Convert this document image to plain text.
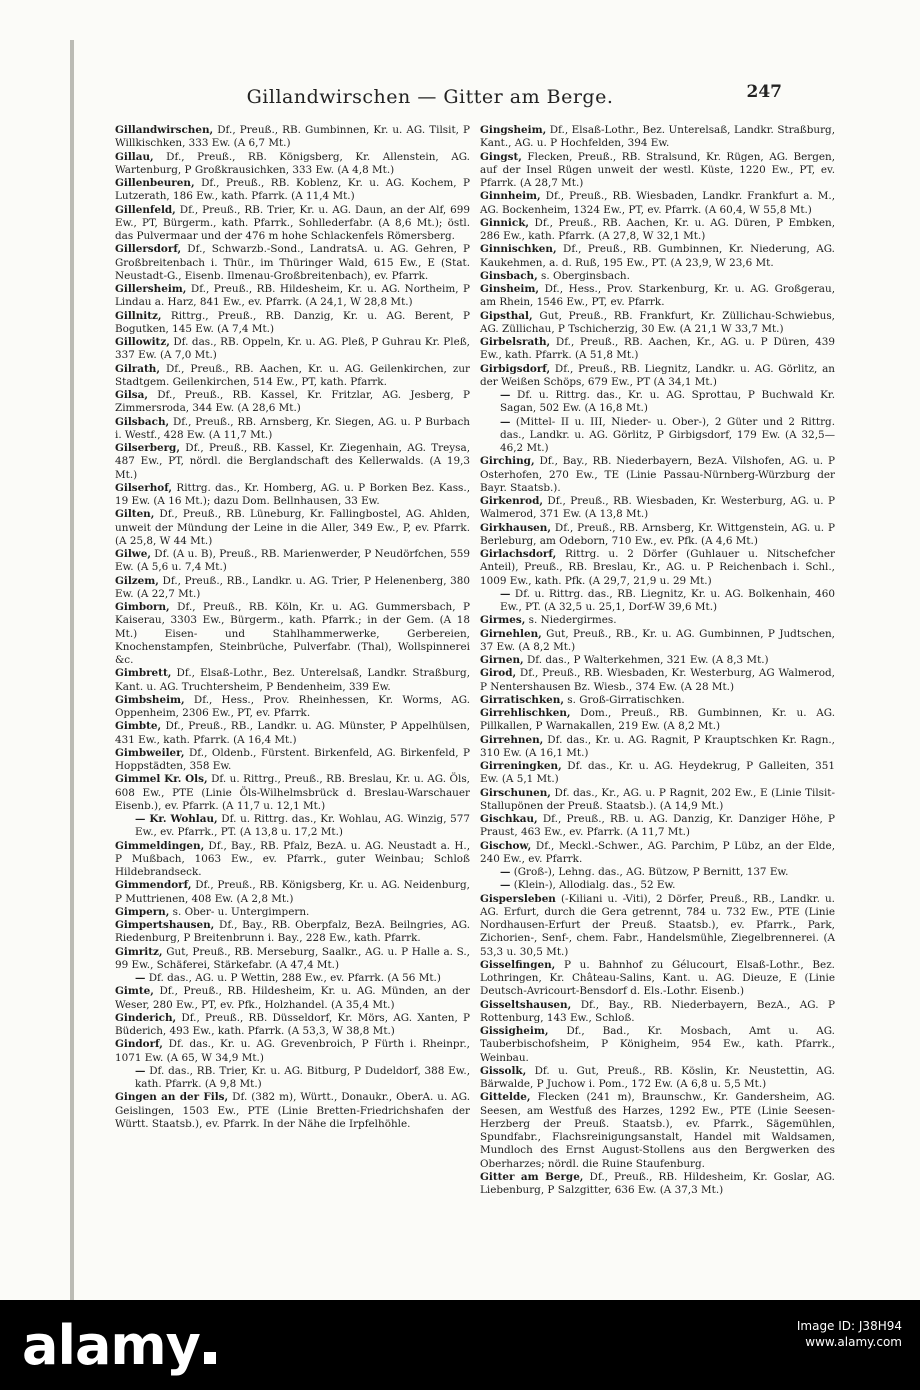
Gillandwirschen — Gitter am Berge.	247

Gillandwirschen, Df., Preuß., RB. Gumbinnen, Kr. u. AG. Tilsit, P Willkischken, 333 Ew. (A 6,7 Mt.)

Gillau, Df., Preuß., RB. Königsberg, Kr. Allenstein, AG. Wartenburg, P Großkrausichken, 333 Ew. (A 4,8 Mt.)

Gillenbeuren, Df., Preuß., RB. Koblenz, Kr. u. AG. Kochem, P Lutzerath, 186 Ew., kath. Pfarrk. (A 11,4 Mt.)

Gillenfeld, Df., Preuß., RB. Trier, Kr. u. AG. Daun, an der Alf, 699 Ew., PT, Bürgerm., kath. Pfarrk., Sohllederfabr. (A 8,6 Mt.); östl. das Pulvermaar und der 476 m hohe Schlackenfels Römersberg.

Gillersdorf, Df., Schwarzb.-Sond., LandratsA. u. AG. Gehren, P Großbreitenbach i. Thür., im Thüringer Wald, 615 Ew., E (Stat. Neustadt-G., Eisenb. Ilmenau-Großbreitenbach), ev. Pfarrk.

Gillersheim, Df., Preuß., RB. Hildesheim, Kr. u. AG. Northeim, P Lindau a. Harz, 841 Ew., ev. Pfarrk. (A 24,1, W 28,8 Mt.)

Gillnitz, Rittrg., Preuß., RB. Danzig, Kr. u. AG. Berent, P Bogutken, 145 Ew. (A 7,4 Mt.)

Gillowitz, Df. das., RB. Oppeln, Kr. u. AG. Pleß, P Guhrau Kr. Pleß, 337 Ew. (A 7,0 Mt.)

Gilrath, Df., Preuß., RB. Aachen, Kr. u. AG. Geilenkirchen, zur Stadtgem. Geilenkirchen, 514 Ew., PT, kath. Pfarrk.

Gilsa, Df., Preuß., RB. Kassel, Kr. Fritzlar, AG. Jesberg, P Zimmersroda, 344 Ew. (A 28,6 Mt.)

Gilsbach, Df., Preuß., RB. Arnsberg, Kr. Siegen, AG. u. P Burbach i. Westf., 428 Ew. (A 11,7 Mt.)

Gilserberg, Df., Preuß., RB. Kassel, Kr. Ziegenhain, AG. Treysa, 487 Ew., PT, nördl. die Berglandschaft des Kellerwalds. (A 19,3 Mt.)

Gilserhof, Rittrg. das., Kr. Homberg, AG. u. P Borken Bez. Kass., 19 Ew. (A 16 Mt.); dazu Dom. Bellnhausen, 33 Ew.

Gilten, Df., Preuß., RB. Lüneburg, Kr. Fallingbostel, AG. Ahlden, unweit der Mündung der Leine in die Aller, 349 Ew., P, ev. Pfarrk. (A 25,8, W 44 Mt.)

Gilwe, Df. (A u. B), Preuß., RB. Marienwerder, P Neudörfchen, 559 Ew. (A 5,6 u. 7,4 Mt.)

Gilzem, Df., Preuß., RB., Landkr. u. AG. Trier, P Helenenberg, 380 Ew. (A 22,7 Mt.)

Gimborn, Df., Preuß., RB. Köln, Kr. u. AG. Gummersbach, P Kaiserau, 3303 Ew., Bürgerm., kath. Pfarrk.; in der Gem. (A 18 Mt.) Eisen- und Stahlhammerwerke, Gerbereien, Knochenstampfen, Steinbrüche, Pulverfabr. (Thal), Wollspinnerei &c.

Gimbrett, Df., Elsaß-Lothr., Bez. Unterelsaß, Landkr. Straßburg, Kant. u. AG. Truchtersheim, P Bendenheim, 339 Ew.

Gimbsheim, Df., Hess., Prov. Rheinhessen, Kr. Worms, AG. Oppenheim, 2306 Ew., PT, ev. Pfarrk.

Gimbte, Df., Preuß., RB., Landkr. u. AG. Münster, P Appelhülsen, 431 Ew., kath. Pfarrk. (A 16,4 Mt.)

Gimbweiler, Df., Oldenb., Fürstent. Birkenfeld, AG. Birkenfeld, P Hoppstädten, 358 Ew.

Gimmel Kr. Ols, Df. u. Rittrg., Preuß., RB. Breslau, Kr. u. AG. Öls, 608 Ew., PTE (Linie Öls-Wilhelmsbrück d. Breslau-Warschauer Eisenb.), ev. Pfarrk. (A 11,7 u. 12,1 Mt.)

— Kr. Wohlau, Df. u. Rittrg. das., Kr. Wohlau, AG. Winzig, 577 Ew., ev. Pfarrk., PT. (A 13,8 u. 17,2 Mt.)

Gimmeldingen, Df., Bay., RB. Pfalz, BezA. u. AG. Neustadt a. H., P Mußbach, 1063 Ew., ev. Pfarrk., guter Weinbau; Schloß Hildebrandseck.

Gimmendorf, Df., Preuß., RB. Königsberg, Kr. u. AG. Neidenburg, P Muttrienen, 408 Ew. (A 2,8 Mt.)

Gimpern, s. Ober- u. Untergimpern.

Gimpertshausen, Df., Bay., RB. Oberpfalz, BezA. Beilngries, AG. Riedenburg, P Breitenbrunn i. Bay., 228 Ew., kath. Pfarrk.

Gimritz, Gut, Preuß., RB. Merseburg, Saalkr., AG. u. P Halle a. S., 99 Ew., Schäferei, Stärkefabr. (A 47,4 Mt.)

— Df. das., AG. u. P Wettin, 288 Ew., ev. Pfarrk. (A 56 Mt.)

Gimte, Df., Preuß., RB. Hildesheim, Kr. u. AG. Münden, an der Weser, 280 Ew., PT, ev. Pfk., Holzhandel. (A 35,4 Mt.)

Ginderich, Df., Preuß., RB. Düsseldorf, Kr. Mörs, AG. Xanten, P Büderich, 493 Ew., kath. Pfarrk. (A 53,3, W 38,8 Mt.)

Gindorf, Df. das., Kr. u. AG. Grevenbroich, P Fürth i. Rheinpr., 1071 Ew. (A 65, W 34,9 Mt.)

— Df. das., RB. Trier, Kr. u. AG. Bitburg, P Dudeldorf, 388 Ew., kath. Pfarrk. (A 9,8 Mt.)

Gingen an der Fils, Df. (382 m), Württ., Donaukr., OberA. u. AG. Geislingen, 1503 Ew., PTE (Linie Bretten-Friedrichshafen der Württ. Staatsb.), ev. Pfarrk. In der Nähe die Irpfelhöhle.

Gingsheim, Df., Elsaß-Lothr., Bez. Unterelsaß, Landkr. Straßburg, Kant., AG. u. P Hochfelden, 394 Ew.

Gingst, Flecken, Preuß., RB. Stralsund, Kr. Rügen, AG. Bergen, auf der Insel Rügen unweit der westl. Küste, 1220 Ew., PT, ev. Pfarrk. (A 28,7 Mt.)

Ginnheim, Df., Preuß., RB. Wiesbaden, Landkr. Frankfurt a. M., AG. Bockenheim, 1324 Ew., PT, ev. Pfarrk. (A 60,4, W 55,8 Mt.)

Ginnick, Df., Preuß., RB. Aachen, Kr. u. AG. Düren, P Embken, 286 Ew., kath. Pfarrk. (A 27,8, W 32,1 Mt.)

Ginnischken, Df., Preuß., RB. Gumbinnen, Kr. Niederung, AG. Kaukehmen, a. d. Ruß, 195 Ew., PT. (A 23,9, W 23,6 Mt.

Ginsbach, s. Oberginsbach.

Ginsheim, Df., Hess., Prov. Starkenburg, Kr. u. AG. Großgerau, am Rhein, 1546 Ew., PT, ev. Pfarrk.

Gipsthal, Gut, Preuß., RB. Frankfurt, Kr. Züllichau-Schwiebus, AG. Züllichau, P Tschicherzig, 30 Ew. (A 21,1 W 33,7 Mt.)

Girbelsrath, Df., Preuß., RB. Aachen, Kr., AG. u. P Düren, 439 Ew., kath. Pfarrk. (A 51,8 Mt.)

Girbigsdorf, Df., Preuß., RB. Liegnitz, Landkr. u. AG. Görlitz, an der Weißen Schöps, 679 Ew., PT (A 34,1 Mt.)

— Df. u. Rittrg. das., Kr. u. AG. Sprottau, P Buchwald Kr. Sagan, 502 Ew. (A 16,8 Mt.)

— (Mittel- II u. III, Nieder- u. Ober-), 2 Güter und 2 Rittrg. das., Landkr. u. AG. Görlitz, P Girbigsdorf, 179 Ew. (A 32,5—46,2 Mt.)

Girching, Df., Bay., RB. Niederbayern, BezA. Vilshofen, AG. u. P Osterhofen, 270 Ew., TE (Linie Passau-Nürnberg-Würzburg der Bayr. Staatsb.).

Girkenrod, Df., Preuß., RB. Wiesbaden, Kr. Westerburg, AG. u. P Walmerod, 371 Ew. (A 13,8 Mt.)

Girkhausen, Df., Preuß., RB. Arnsberg, Kr. Wittgenstein, AG. u. P Berleburg, am Odeborn, 710 Ew., ev. Pfk. (A 4,6 Mt.)

Girlachsdorf, Rittrg. u. 2 Dörfer (Guhlauer u. Nitschefcher Anteil), Preuß., RB. Breslau, Kr., AG. u. P Reichenbach i. Schl., 1009 Ew., kath. Pfk. (A 29,7, 21,9 u. 29 Mt.)

— Df. u. Rittrg. das., RB. Liegnitz, Kr. u. AG. Bolkenhain, 460 Ew., PT. (A 32,5 u. 25,1, Dorf-W 39,6 Mt.)

Girmes, s. Niedergirmes.

Girnehlen, Gut, Preuß., RB., Kr. u. AG. Gumbinnen, P Judtschen, 37 Ew. (A 8,2 Mt.)

Girnen, Df. das., P Walterkehmen, 321 Ew. (A 8,3 Mt.)

Girod, Df., Preuß., RB. Wiesbaden, Kr. Westerburg, AG Walmerod, P Nentershausen Bz. Wiesb., 374 Ew. (A 28 Mt.)

Girratischken, s. Groß-Girratischken.

Girrehlischken, Dom., Preuß., RB. Gumbinnen, Kr. u. AG. Pillkallen, P Warnakallen, 219 Ew. (A 8,2 Mt.)

Girrehnen, Df. das., Kr. u. AG. Ragnit, P Krauptschken Kr. Ragn., 310 Ew. (A 16,1 Mt.)

Girreningken, Df. das., Kr. u. AG. Heydekrug, P Galleiten, 351 Ew. (A 5,1 Mt.)

Girschunen, Df. das., Kr., AG. u. P Ragnit, 202 Ew., E (Linie Tilsit-Stallupönen der Preuß. Staatsb.). (A 14,9 Mt.)

Gischkau, Df., Preuß., RB. u. AG. Danzig, Kr. Danziger Höhe, P Praust, 463 Ew., ev. Pfarrk. (A 11,7 Mt.)

Gischow, Df., Meckl.-Schwer., AG. Parchim, P Lübz, an der Elde, 240 Ew., ev. Pfarrk.

— (Groß-), Lehng. das., AG. Bützow, P Bernitt, 137 Ew.

— (Klein-), Allodialg. das., 52 Ew.

Gispersleben (-Kiliani u. -Viti), 2 Dörfer, Preuß., RB., Landkr. u. AG. Erfurt, durch die Gera getrennt, 784 u. 732 Ew., PTE (Linie Nordhausen-Erfurt der Preuß. Staatsb.), ev. Pfarrk., Park, Zichorien-, Senf-, chem. Fabr., Handelsmühle, Ziegelbrennerei. (A 53,3 u. 30,5 Mt.)

Gisselfingen, P u. Bahnhof zu Gélucourt, Elsaß-Lothr., Bez. Lothringen, Kr. Château-Salins, Kant. u. AG. Dieuze, E (Linie Deutsch-Avricourt-Bensdorf d. Els.-Lothr. Eisenb.)

Gisseltshausen, Df., Bay., RB. Niederbayern, BezA., AG. P Rottenburg, 143 Ew., Schloß.

Gissigheim, Df., Bad., Kr. Mosbach, Amt u. AG. Tauberbischofsheim, P Königheim, 954 Ew., kath. Pfarrk., Weinbau.

Gissolk, Df. u. Gut, Preuß., RB. Köslin, Kr. Neustettin, AG. Bärwalde, P Juchow i. Pom., 172 Ew. (A 6,8 u. 5,5 Mt.)

Gittelde, Flecken (241 m), Braunschw., Kr. Gandersheim, AG. Seesen, am Westfuß des Harzes, 1292 Ew., PTE (Linie Seesen-Herzberg der Preuß. Staatsb.), ev. Pfarrk., Sägemühlen, Spundfabr., Flachsreinigungsanstalt, Handel mit Waldsamen, Mundloch des Ernst August-Stollens aus den Bergwerken des Oberharzes; nördl. die Ruine Staufenburg.

Gitter am Berge, Df., Preuß., RB. Hildesheim, Kr. Goslar, AG. Liebenburg, P Salzgitter, 636 Ew. (A 37,3 Mt.)

alamy	Image ID: J38H94
www.alamy.com
